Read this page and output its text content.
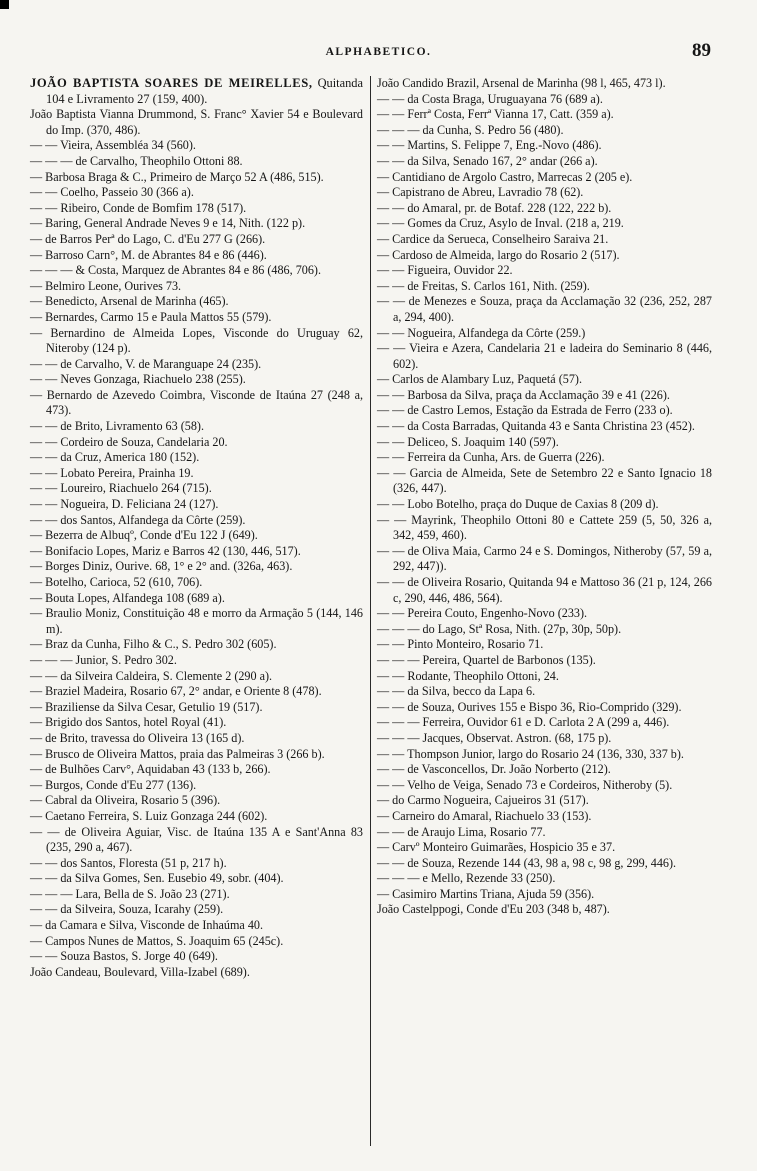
ALPHABETICO.	89
JOÃO BAPTISTA SOARES DE MEIRELLES, Quitanda 104 e Livramento 27 (159, 400).
João Baptista Vianna Drummond, S. Franc° Xavier 54 e Boulevard do Imp. (370, 486).
— — Vieira, Assembléa 34 (560).
— — — de Carvalho, Theophilo Ottoni 88.
— Barbosa Braga & C., Primeiro de Março 52 A (486, 515).
— — Coelho, Passeio 30 (366 a).
— — Ribeiro, Conde de Bomfim 178 (517).
— Baring, General Andrade Neves 9 e 14, Nith. (122 p).
— de Barros Perª do Lago, C. d'Eu 277 G (266).
— Barroso Carn°, M. de Abrantes 84 e 86 (446).
— — — & Costa, Marquez de Abrantes 84 e 86 (486, 706).
— Belmiro Leone, Ourives 73.
— Benedicto, Arsenal de Marinha (465).
— Bernardes, Carmo 15 e Paula Mattos 55 (579).
— Bernardino de Almeida Lopes, Visconde do Uruguay 62, Niteroby (124 p).
— — de Carvalho, V. de Maranguape 24 (235).
— — Neves Gonzaga, Riachuelo 238 (255).
— Bernardo de Azevedo Coimbra, Visconde de Itaúna 27 (248 a, 473).
— — de Brito, Livramento 63 (58).
— — Cordeiro de Souza, Candelaria 20.
— — da Cruz, America 180 (152).
— — Lobato Pereira, Prainha 19.
— — Loureiro, Riachuelo 264 (715).
— — Nogueira, D. Feliciana 24 (127).
— — dos Santos, Alfandega da Côrte (259).
— Bezerra de Albuqº, Conde d'Eu 122 J (649).
— Bonifacio Lopes, Mariz e Barros 42 (130, 446, 517).
— Borges Diniz, Ourive. 68, 1° e 2° and. (326a, 463).
— Botelho, Carioca, 52 (610, 706).
— Bouta Lopes, Alfandega 108 (689 a).
— Braulio Moniz, Constituição 48 e morro da Armação 5 (144, 146 m).
— Braz da Cunha, Filho & C., S. Pedro 302 (605).
— — — Junior, S. Pedro 302.
— — da Silveira Caldeira, S. Clemente 2 (290 a).
— Braziel Madeira, Rosario 67, 2° andar, e Oriente 8 (478).
— Braziliense da Silva Cesar, Getulio 19 (517).
— Brigido dos Santos, hotel Royal (41).
— de Brito, travessa do Oliveira 13 (165 d).
— Brusco de Oliveira Mattos, praia das Palmeiras 3 (266 b).
— de Bulhões Carv°, Aquidaban 43 (133 b, 266).
— Burgos, Conde d'Eu 277 (136).
— Cabral da Oliveira, Rosario 5 (396).
— Caetano Ferreira, S. Luiz Gonzaga 244 (602).
— — de Oliveira Aguiar, Visc. de Itaúna 135 A e Sant'Anna 83 (235, 290 a, 467).
— — dos Santos, Floresta (51 p, 217 h).
— — da Silva Gomes, Sen. Eusebio 49, sobr. (404).
— — — Lara, Bella de S. João 23 (271).
— — da Silveira, Souza, Icarahy (259).
— da Camara e Silva, Visconde de Inhaúma 40.
— Campos Nunes de Mattos, S. Joaquim 65 (245c).
— — Souza Bastos, S. Jorge 40 (649).
João Candeau, Boulevard, Villa-Izabel (689).
João Candido Brazil, Arsenal de Marinha (98 l, 465, 473 l).
— — da Costa Braga, Uruguayana 76 (689 a).
— — Ferrª Costa, Ferrª Vianna 17, Catt. (359 a).
— — — da Cunha, S. Pedro 56 (480).
— — Martins, S. Felippe 7, Eng.-Novo (486).
— — da Silva, Senado 167, 2° andar (266 a).
— Cantidiano de Argolo Castro, Marrecas 2 (205 e).
— Capistrano de Abreu, Lavradio 78 (62).
— — do Amaral, pr. de Botaf. 228 (122, 222 b).
— — Gomes da Cruz, Asylo de Inval. (218 a, 219.
— Cardice da Serueca, Conselheiro Saraiva 21.
— Cardoso de Almeida, largo do Rosario 2 (517).
— — Figueira, Ouvidor 22.
— — de Freitas, S. Carlos 161, Nith. (259).
— — de Menezes e Souza, praça da Acclamação 32 (236, 252, 287 a, 294, 400).
— — Nogueira, Alfandega da Côrte (259.)
— — Vieira e Azera, Candelaria 21 e ladeira do Seminario 8 (446, 602).
— Carlos de Alambary Luz, Paquetá (57).
— — Barbosa da Silva, praça da Acclamação 39 e 41 (226).
— — de Castro Lemos, Estação da Estrada de Ferro (233 o).
— — da Costa Barradas, Quitanda 43 e Santa Christina 23 (452).
— — Deliceo, S. Joaquim 140 (597).
— — Ferreira da Cunha, Ars. de Guerra (226).
— — Garcia de Almeida, Sete de Setembro 22 e Santo Ignacio 18 (326, 447).
— — Lobo Botelho, praça do Duque de Caxias 8 (209 d).
— — Mayrink, Theophilo Ottoni 80 e Cattete 259 (5, 50, 326 a, 342, 459, 460).
— — de Oliva Maia, Carmo 24 e S. Domingos, Nitheroby (57, 59 a, 292, 447)).
— — de Oliveira Rosario, Quitanda 94 e Mattoso 36 (21 p, 124, 266 c, 290, 446, 486, 564).
— — Pereira Couto, Engenho-Novo (233).
— — — do Lago, Stª Rosa, Nith. (27p, 30p, 50p).
— — Pinto Monteiro, Rosario 71.
— — — Pereira, Quartel de Barbonos (135).
— — Rodante, Theophilo Ottoni, 24.
— — da Silva, becco da Lapa 6.
— — de Souza, Ourives 155 e Bispo 36, Rio-Comprido (329).
— — — Ferreira, Ouvidor 61 e D. Carlota 2 A (299 a, 446).
— — — Jacques, Observat. Astron. (68, 175 p).
— — Thompson Junior, largo do Rosario 24 (136, 330, 337 b).
— — de Vasconcellos, Dr. João Norberto (212).
— — Velho de Veiga, Senado 73 e Cordeiros, Nitheroby (5).
— do Carmo Nogueira, Cajueiros 31 (517).
— Carneiro do Amaral, Riachuelo 33 (153).
— — de Araujo Lima, Rosario 77.
— Carvº Monteiro Guimarães, Hospicio 35 e 37.
— — de Souza, Rezende 144 (43, 98 a, 98 c, 98 g, 299, 446).
— — — e Mello, Rezende 33 (250).
— Casimiro Martins Triana, Ajuda 59 (356).
João Castelppogi, Conde d'Eu 203 (348 b, 487).
